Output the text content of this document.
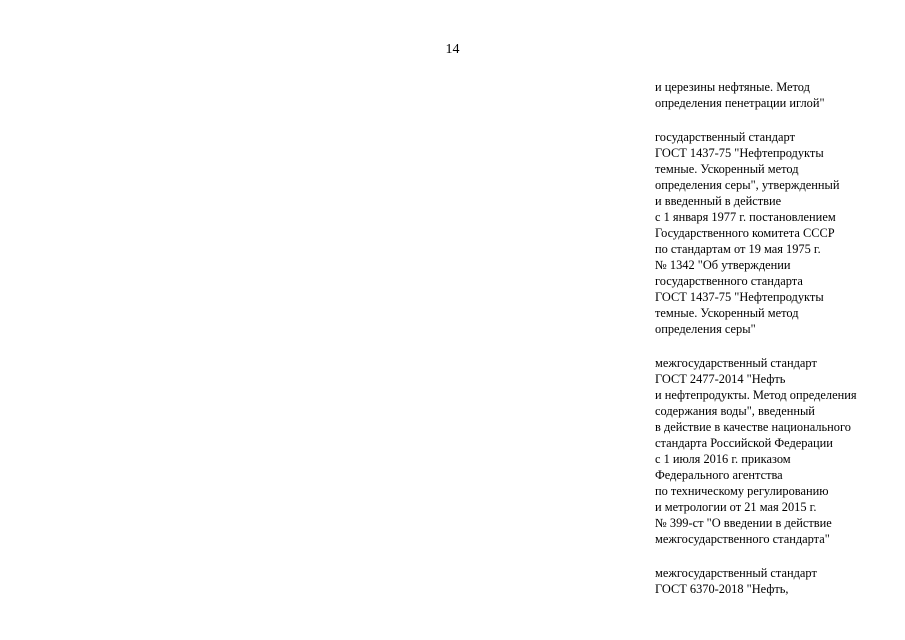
14
и церезины нефтяные. Метод
определения пенетрации иглой"
государственный стандарт
ГОСТ 1437-75 "Нефтепродукты
темные. Ускоренный метод
определения серы", утвержденный
и введенный в действие
с 1 января 1977 г. постановлением
Государственного комитета СССР
по стандартам от 19 мая 1975 г.
№ 1342 "Об утверждении
государственного стандарта
ГОСТ 1437-75 "Нефтепродукты
темные. Ускоренный метод
определения серы"
межгосударственный стандарт
ГОСТ 2477-2014 "Нефть
и нефтепродукты. Метод определения
содержания воды", введенный
в действие в качестве национального
стандарта Российской Федерации
с 1 июля 2016 г. приказом
Федерального агентства
по техническому регулированию
и метрологии от 21 мая 2015 г.
№ 399-ст "О введении в действие
межгосударственного стандарта"
межгосударственный стандарт
ГОСТ 6370-2018 "Нефть,
